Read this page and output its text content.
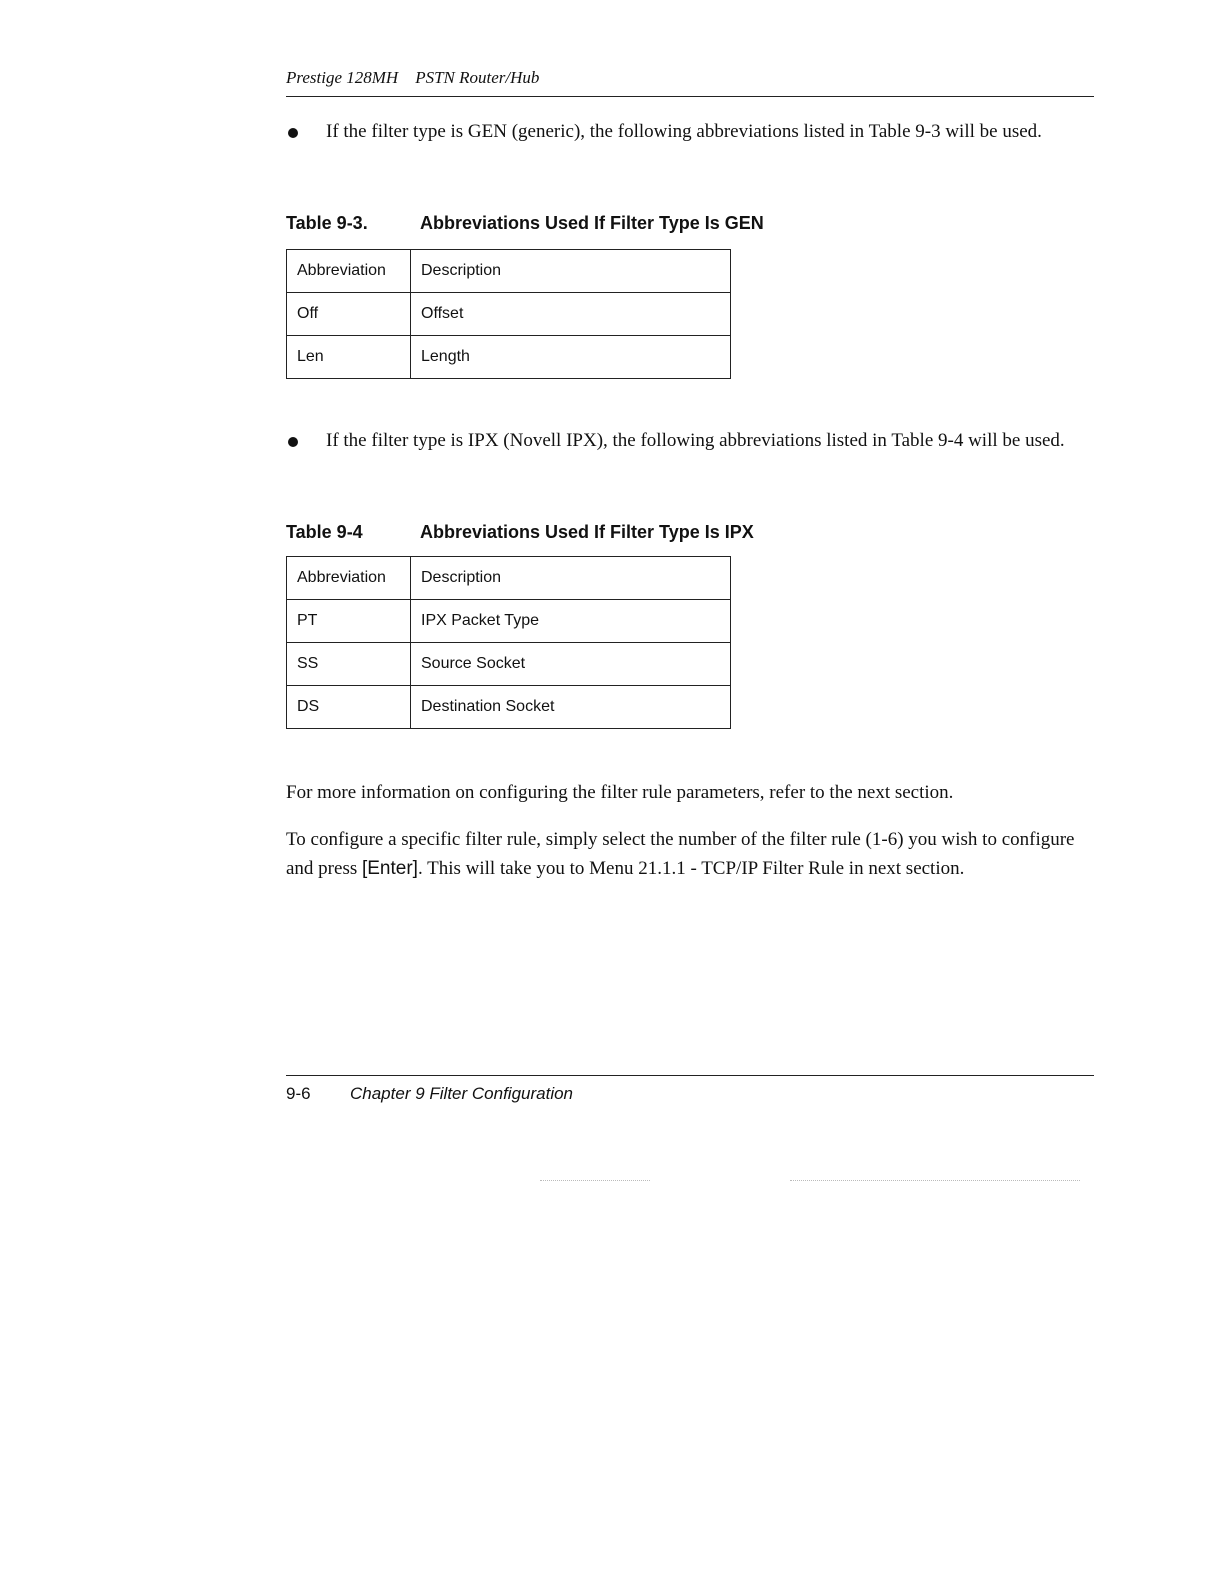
Prestige 128MH    PSTN Router/Hub
If the filter type is GEN (generic), the following abbreviations listed in Table 9-3 will be used.
Table 9-3.	Abbreviations Used If Filter Type Is GEN
Abbreviation	Description
Off	Offset
Len	Length
If the filter type is IPX (Novell IPX), the following abbreviations listed in Table 9-4 will be used.
Table 9-4	Abbreviations Used If Filter Type Is IPX
Abbreviation	Description
PT	IPX Packet Type
SS	Source Socket
DS	Destination Socket
For more information on configuring the filter rule parameters, refer to the next section.
To configure a specific filter rule, simply select the number of the filter rule (1-6) you wish to configure and press [Enter]. This will take you to Menu 21.1.1 - TCP/IP Filter Rule in next section.
9-6 Chapter 9 Filter Configuration
